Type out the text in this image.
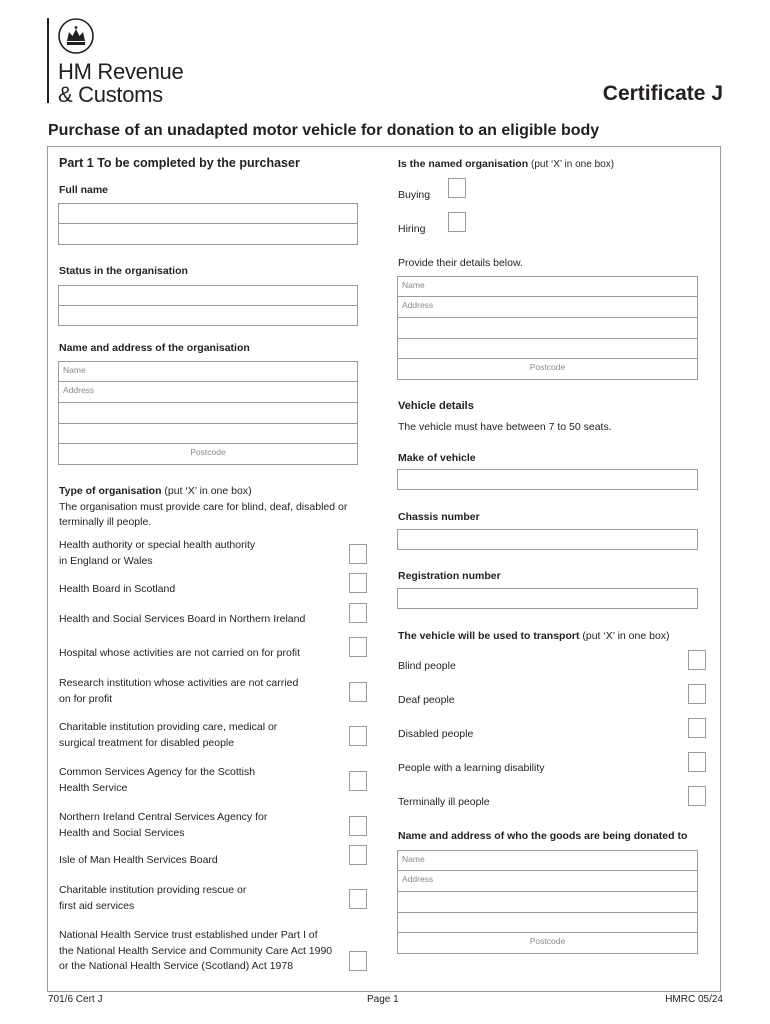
HM Revenue
& Customs	Certificate J
Purchase of an unadapted motor vehicle for donation to an eligible body
Part 1 To be completed by the purchaser
Full name
Status in the organisation
Name and address of the organisation
Name
Address
Postcode
Type of organisation (put ‘X’ in one box)
The organisation must provide care for blind, deaf, disabled or terminally ill people.
Health authority or special health authority
in England or Wales
Health Board in Scotland
Health and Social Services Board in Northern Ireland
Hospital whose activities are not carried on for profit
Research institution whose activities are not carried
on for profit
Charitable institution providing care, medical or
surgical treatment for disabled people
Common Services Agency for the Scottish
Health Service
Northern Ireland Central Services Agency for
Health and Social Services
Isle of Man Health Services Board
Charitable institution providing rescue or
first aid services
National Health Service trust established under Part I of
the National Health Service and Community Care Act 1990
or the National Health Service (Scotland) Act 1978
Is the named organisation (put ‘X’ in one box)
Buying
Hiring
Provide their details below.
Name
Address
Postcode
Vehicle details
The vehicle must have between 7 to 50 seats.
Make of vehicle
Chassis number
Registration number
The vehicle will be used to transport (put ‘X’ in one box)
Blind people
Deaf people
Disabled people
People with a learning disability
Terminally ill people
Name and address of who the goods are being donated to
Name
Address
Postcode
701/6 Cert J	Page 1	HMRC 05/24
